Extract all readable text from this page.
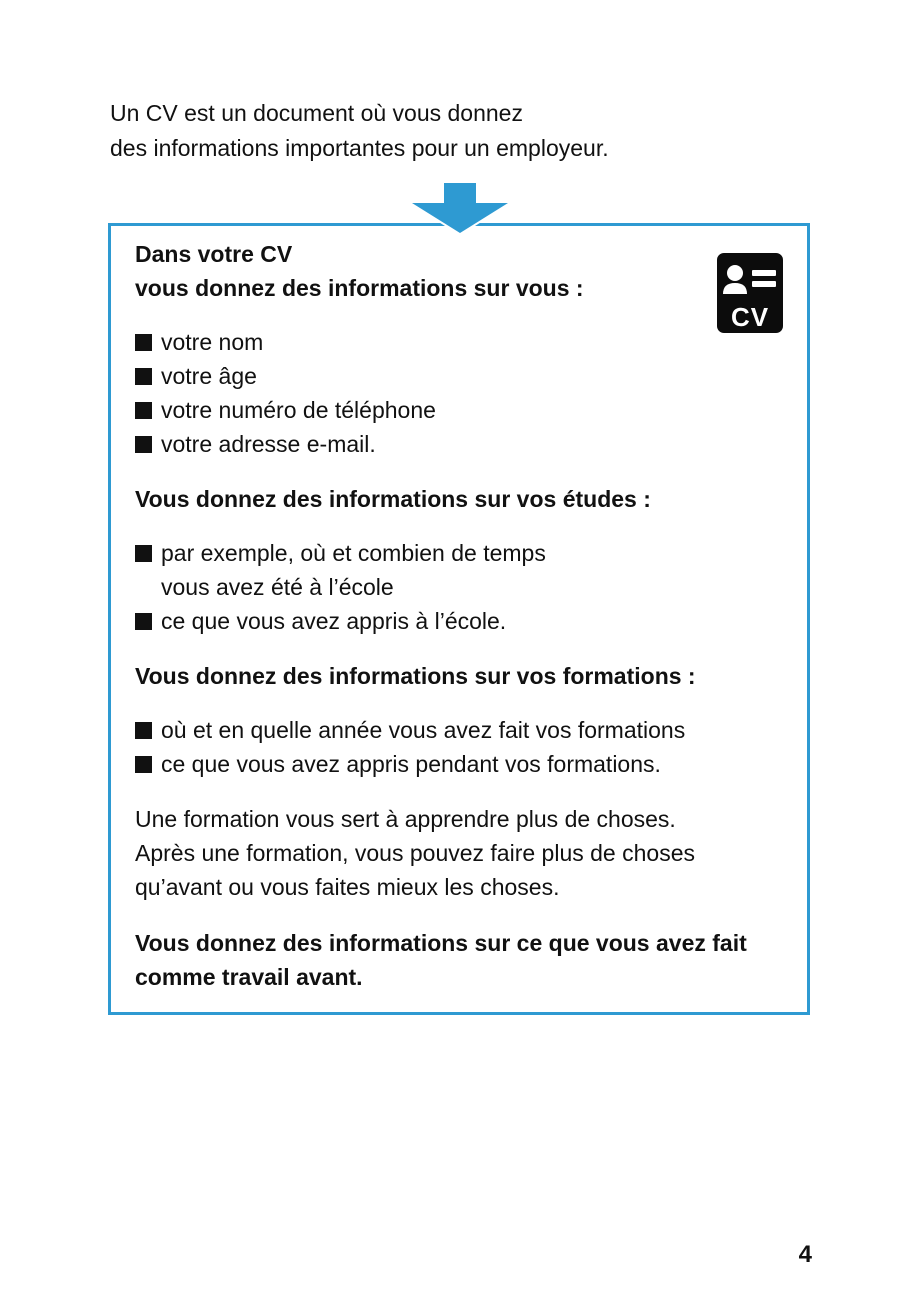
Un CV est un document où vous donnez
des informations importantes pour un employeur.
CV
Dans votre CV
vous donnez des informations sur vous :
votre nom
votre âge
votre numéro de téléphone
votre adresse e-mail.
Vous donnez des informations sur vos études :
par exemple, où et combien de temps
vous avez été à l’école
ce que vous avez appris à l’école.
Vous donnez des informations sur vos formations :
où et en quelle année vous avez fait vos formations
ce que vous avez appris pendant vos formations.
Une formation vous sert à apprendre plus de choses.
Après une formation, vous pouvez faire plus de choses
qu’avant ou vous faites mieux les choses.
Vous donnez des informations sur ce que vous avez fait
comme travail avant.
4
